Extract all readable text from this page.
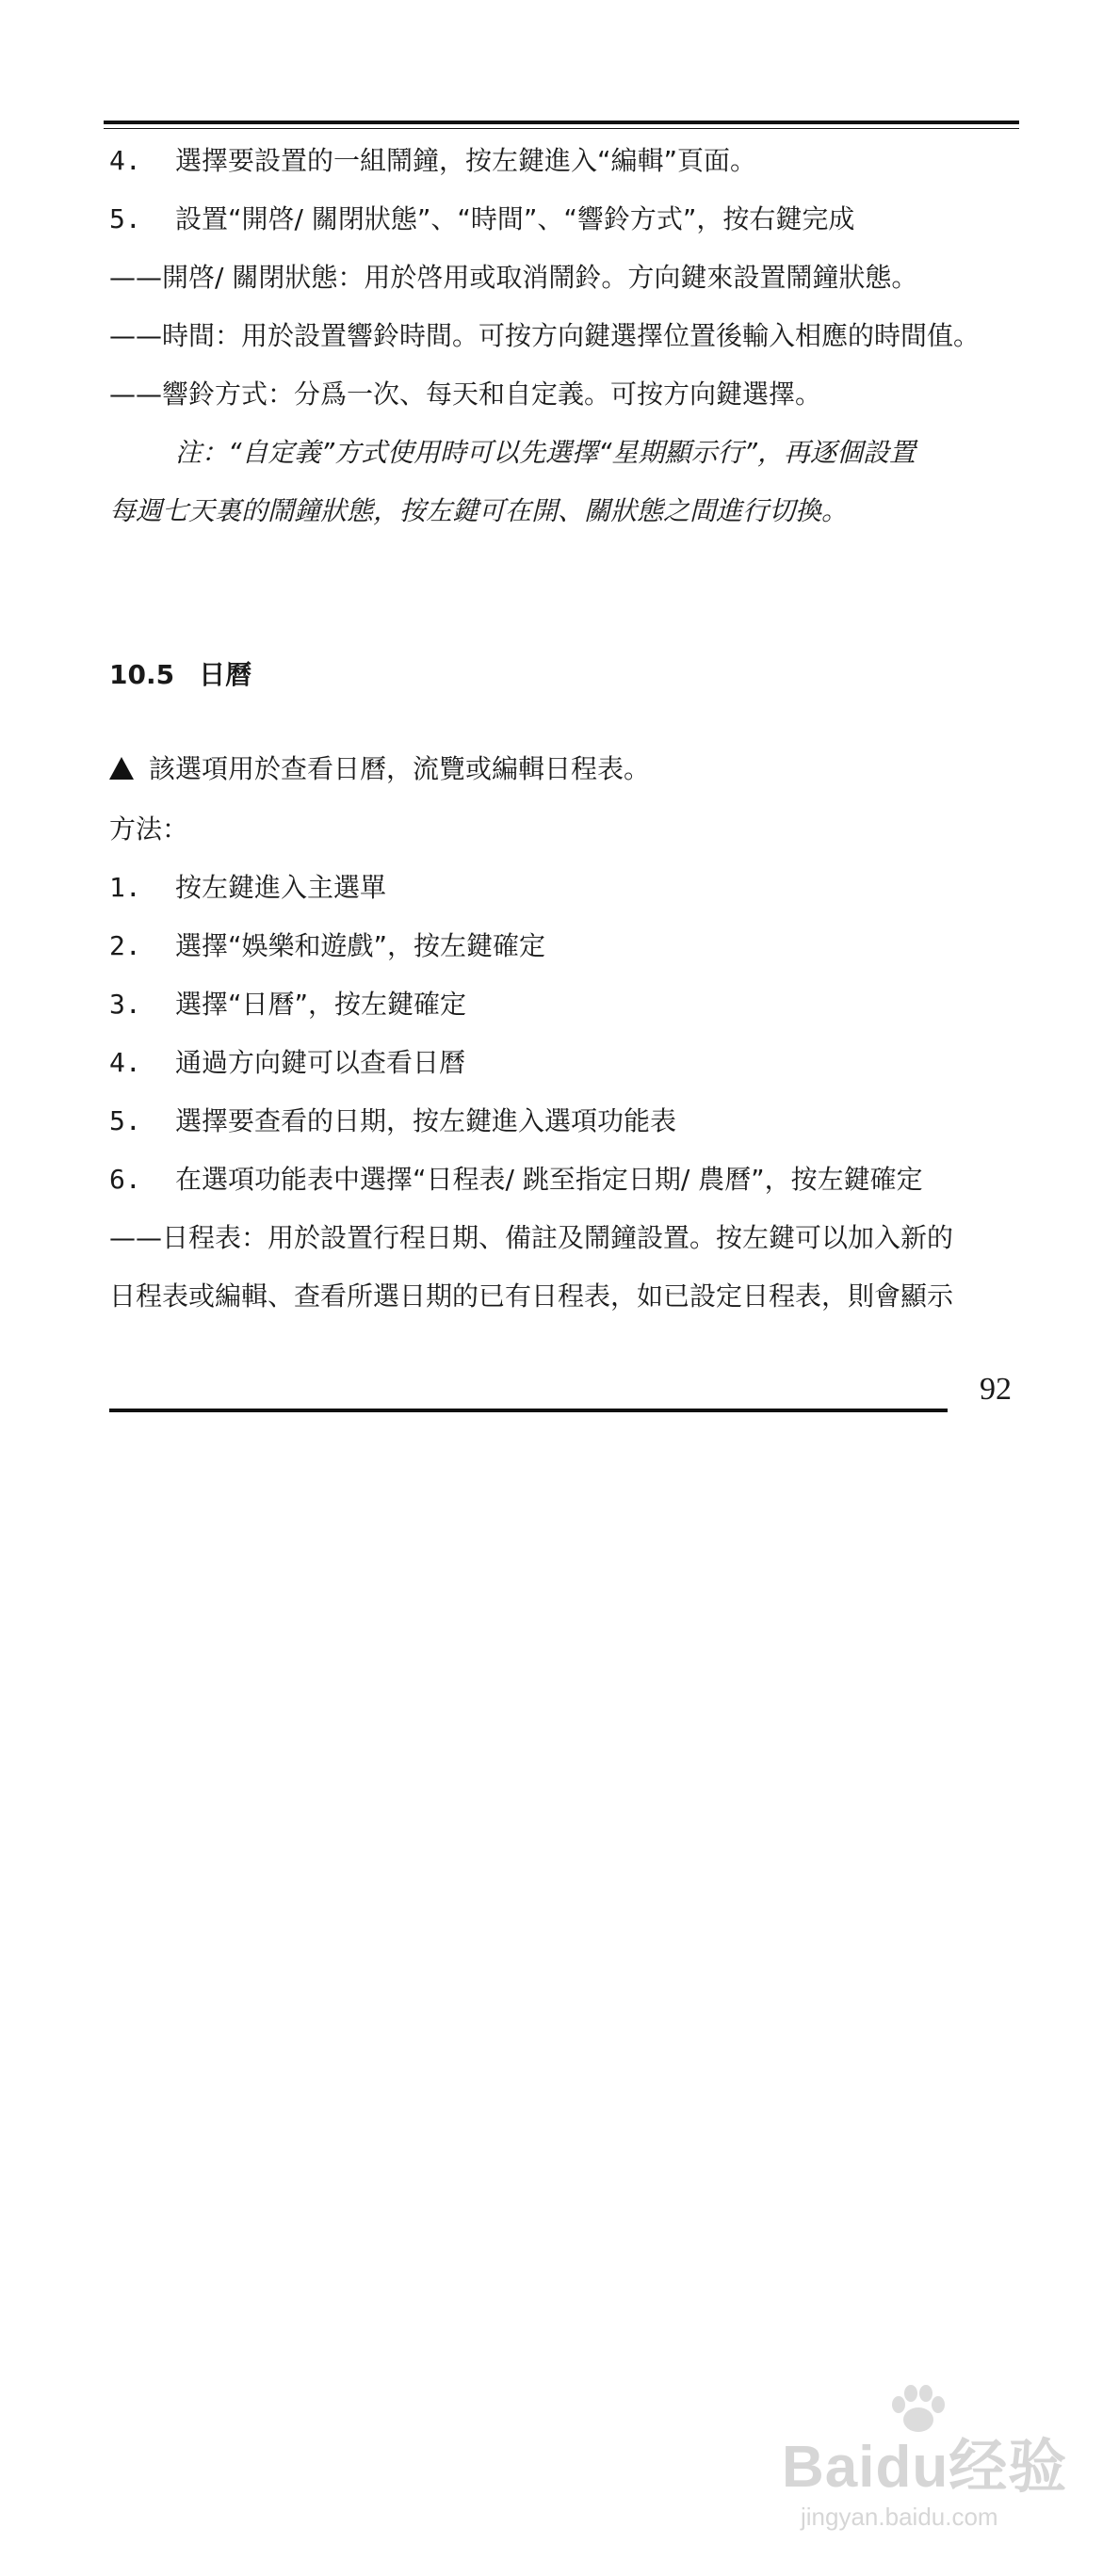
4. 選擇要設置的一組鬧鐘，按左鍵進入“編輯”頁面。
5. 設置“開啓/ 關閉狀態”、“時間”、“響鈴方式”，按右鍵完成
——開啓/ 關閉狀態：用於啓用或取消鬧鈴。方向鍵來設置鬧鐘狀態。
——時間：用於設置響鈴時間。可按方向鍵選擇位置後輸入相應的時間值。
——響鈴方式：分爲一次、每天和自定義。可按方向鍵選擇。
注：“自定義”方式使用時可以先選擇“星期顯示行”，再逐個設置
每週七天裏的鬧鐘狀態，按左鍵可在開、關狀態之間進行切換。
10.5 日曆
該選項用於查看日曆，流覽或編輯日程表。
方法：
1. 按左鍵進入主選單
2. 選擇“娛樂和遊戲”，按左鍵確定
3. 選擇“日曆”，按左鍵確定
4. 通過方向鍵可以查看日曆
5. 選擇要查看的日期，按左鍵進入選項功能表
6. 在選項功能表中選擇“日程表/ 跳至指定日期/ 農曆”，按左鍵確定
——日程表：用於設置行程日期、備註及鬧鐘設置。按左鍵可以加入新的
日程表或編輯、查看所選日期的已有日程表，如已設定日程表，則會顯示
92
Baidu经验
jingyan.baidu.com
